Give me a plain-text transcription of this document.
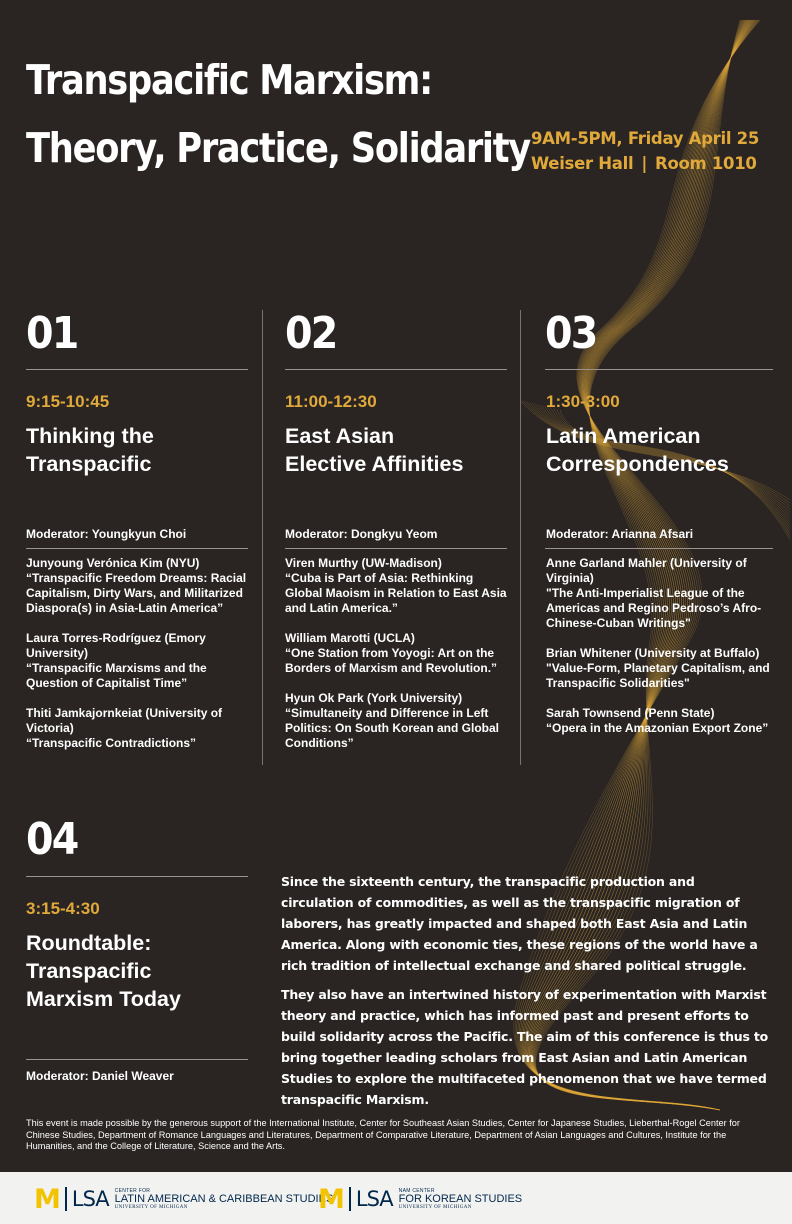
Transpacific Marxism:
Theory, Practice, Solidarity 9AM-5PM, Friday April 25
Weiser Hall | Room 1010
01
9:15-10:45
Thinking the
Transpacific
Moderator: Youngkyun Choi
Junyoung Verónica Kim (NYU)
“Transpacific Freedom Dreams: Racial Capitalism, Dirty Wars, and Militarized Diaspora(s) in Asia-Latin America”
Laura Torres-Rodríguez (Emory University)
“Transpacific Marxisms and the Question of Capitalist Time”
Thiti Jamkajornkeiat (University of Victoria)
“Transpacific Contradictions”
02
11:00-12:30
East Asian
Elective Affinities
Moderator: Dongkyu Yeom
Viren Murthy (UW-Madison)
“Cuba is Part of Asia: Rethinking Global Maoism in Relation to East Asia and Latin America.”
William Marotti (UCLA)
“One Station from Yoyogi: Art on the Borders of Marxism and Revolution.”
Hyun Ok Park (York University)
“Simultaneity and Difference in Left Politics: On South Korean and Global Conditions”
03
1:30-3:00
Latin American
Correspondences
Moderator: Arianna Afsari
Anne Garland Mahler (University of Virginia)
"The Anti-Imperialist League of the Americas and Regino Pedroso’s Afro-Chinese-Cuban Writings"
Brian Whitener (University at Buffalo)
"Value-Form, Planetary Capitalism, and Transpacific Solidarities"
Sarah Townsend (Penn State)
“Opera in the Amazonian Export Zone”
04
3:15-4:30
Roundtable:
Transpacific
Marxism Today
Moderator: Daniel Weaver

Since the sixteenth century, the transpacific production and circulation of commodities, as well as the transpacific migration of laborers, has greatly impacted and shaped both East Asia and Latin America. Along with economic ties, these regions of the world have a rich tradition of intellectual exchange and shared political struggle.

They also have an intertwined history of experimentation with Marxist theory and practice, which has informed past and present efforts to build solidarity across the Pacific. The aim of this conference is thus to bring together leading scholars from East Asian and Latin American Studies to explore the multifaceted phenomenon that we have termed transpacific Marxism.

This event is made possible by the generous support of the International Institute, Center for Southeast Asian Studies, Center for Japanese Studies, Lieberthal-Rogel Center for Chinese Studies, Department of Romance Languages and Literatures, Department of Comparative Literature, Department of Asian Languages and Cultures, Institute for the Humanities, and the College of Literature, Science and the Arts.
M LSA CENTER FOR
LATIN AMERICAN & CARIBBEAN STUDIES
UNIVERSITY OF MICHIGAN	M LSA NAM CENTER
FOR KOREAN STUDIES
UNIVERSITY OF MICHIGAN
